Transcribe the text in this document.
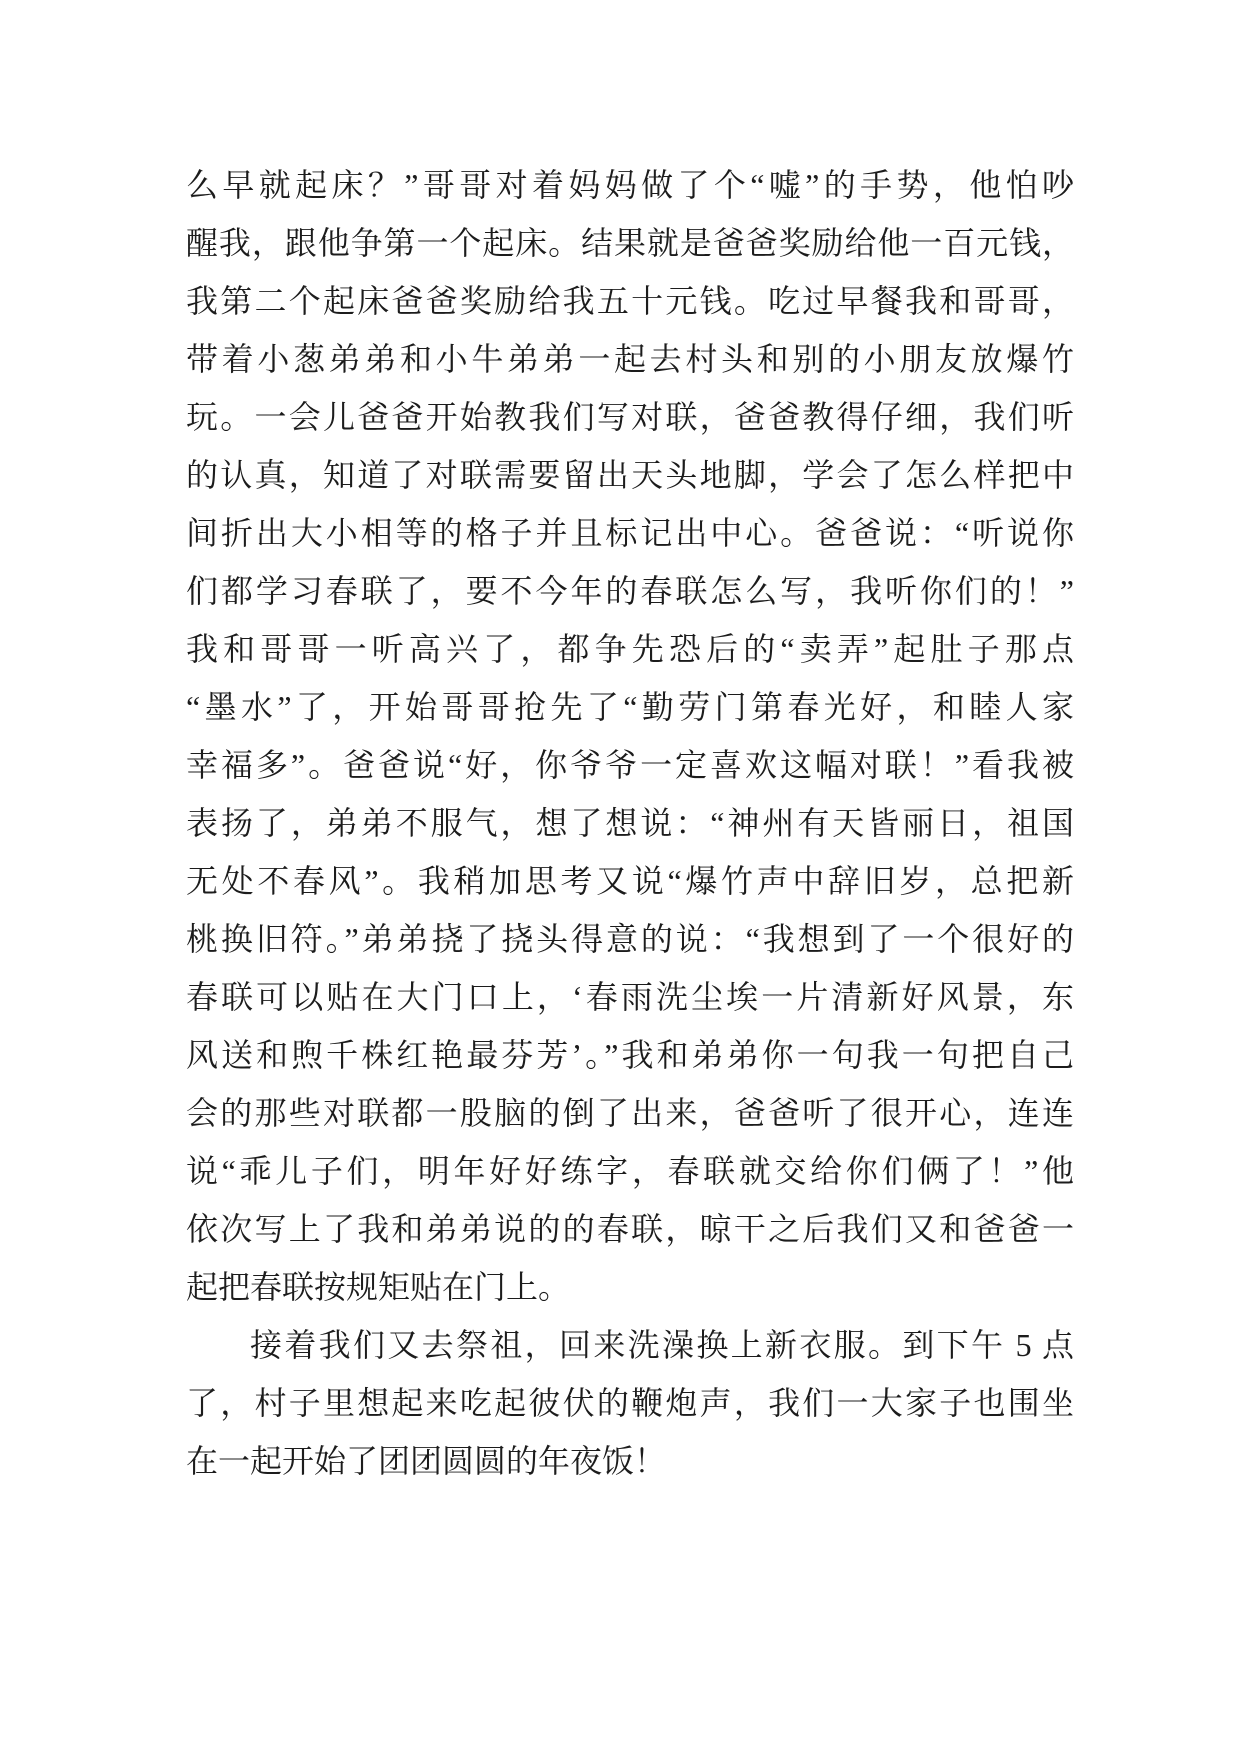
么早就起床？”哥哥对着妈妈做了个“嘘”的手势，他怕吵
醒我，跟他争第一个起床。结果就是爸爸奖励给他一百元钱，
我第二个起床爸爸奖励给我五十元钱。吃过早餐我和哥哥，
带着小葱弟弟和小牛弟弟一起去村头和别的小朋友放爆竹
玩。一会儿爸爸开始教我们写对联，爸爸教得仔细，我们听
的认真，知道了对联需要留出天头地脚，学会了怎么样把中
间折出大小相等的格子并且标记出中心。爸爸说：“听说你
们都学习春联了，要不今年的春联怎么写，我听你们的！”
我和哥哥一听高兴了，都争先恐后的“卖弄”起肚子那点
“墨水”了，开始哥哥抢先了“勤劳门第春光好，和睦人家
幸福多”。爸爸说“好，你爷爷一定喜欢这幅对联！”看我被
表扬了，弟弟不服气，想了想说：“神州有天皆丽日，祖国
无处不春风”。我稍加思考又说“爆竹声中辞旧岁，总把新
桃换旧符。”弟弟挠了挠头得意的说：“我想到了一个很好的
春联可以贴在大门口上，‘春雨洗尘埃一片清新好风景，东
风送和煦千株红艳最芬芳’。”我和弟弟你一句我一句把自己
会的那些对联都一股脑的倒了出来，爸爸听了很开心，连连
说“乖儿子们，明年好好练字，春联就交给你们俩了！”他
依次写上了我和弟弟说的的春联，晾干之后我们又和爸爸一
起把春联按规矩贴在门上。
接着我们又去祭祖，回来洗澡换上新衣服。到下午 5 点
了，村子里想起来吃起彼伏的鞭炮声，我们一大家子也围坐
在一起开始了团团圆圆的年夜饭！
